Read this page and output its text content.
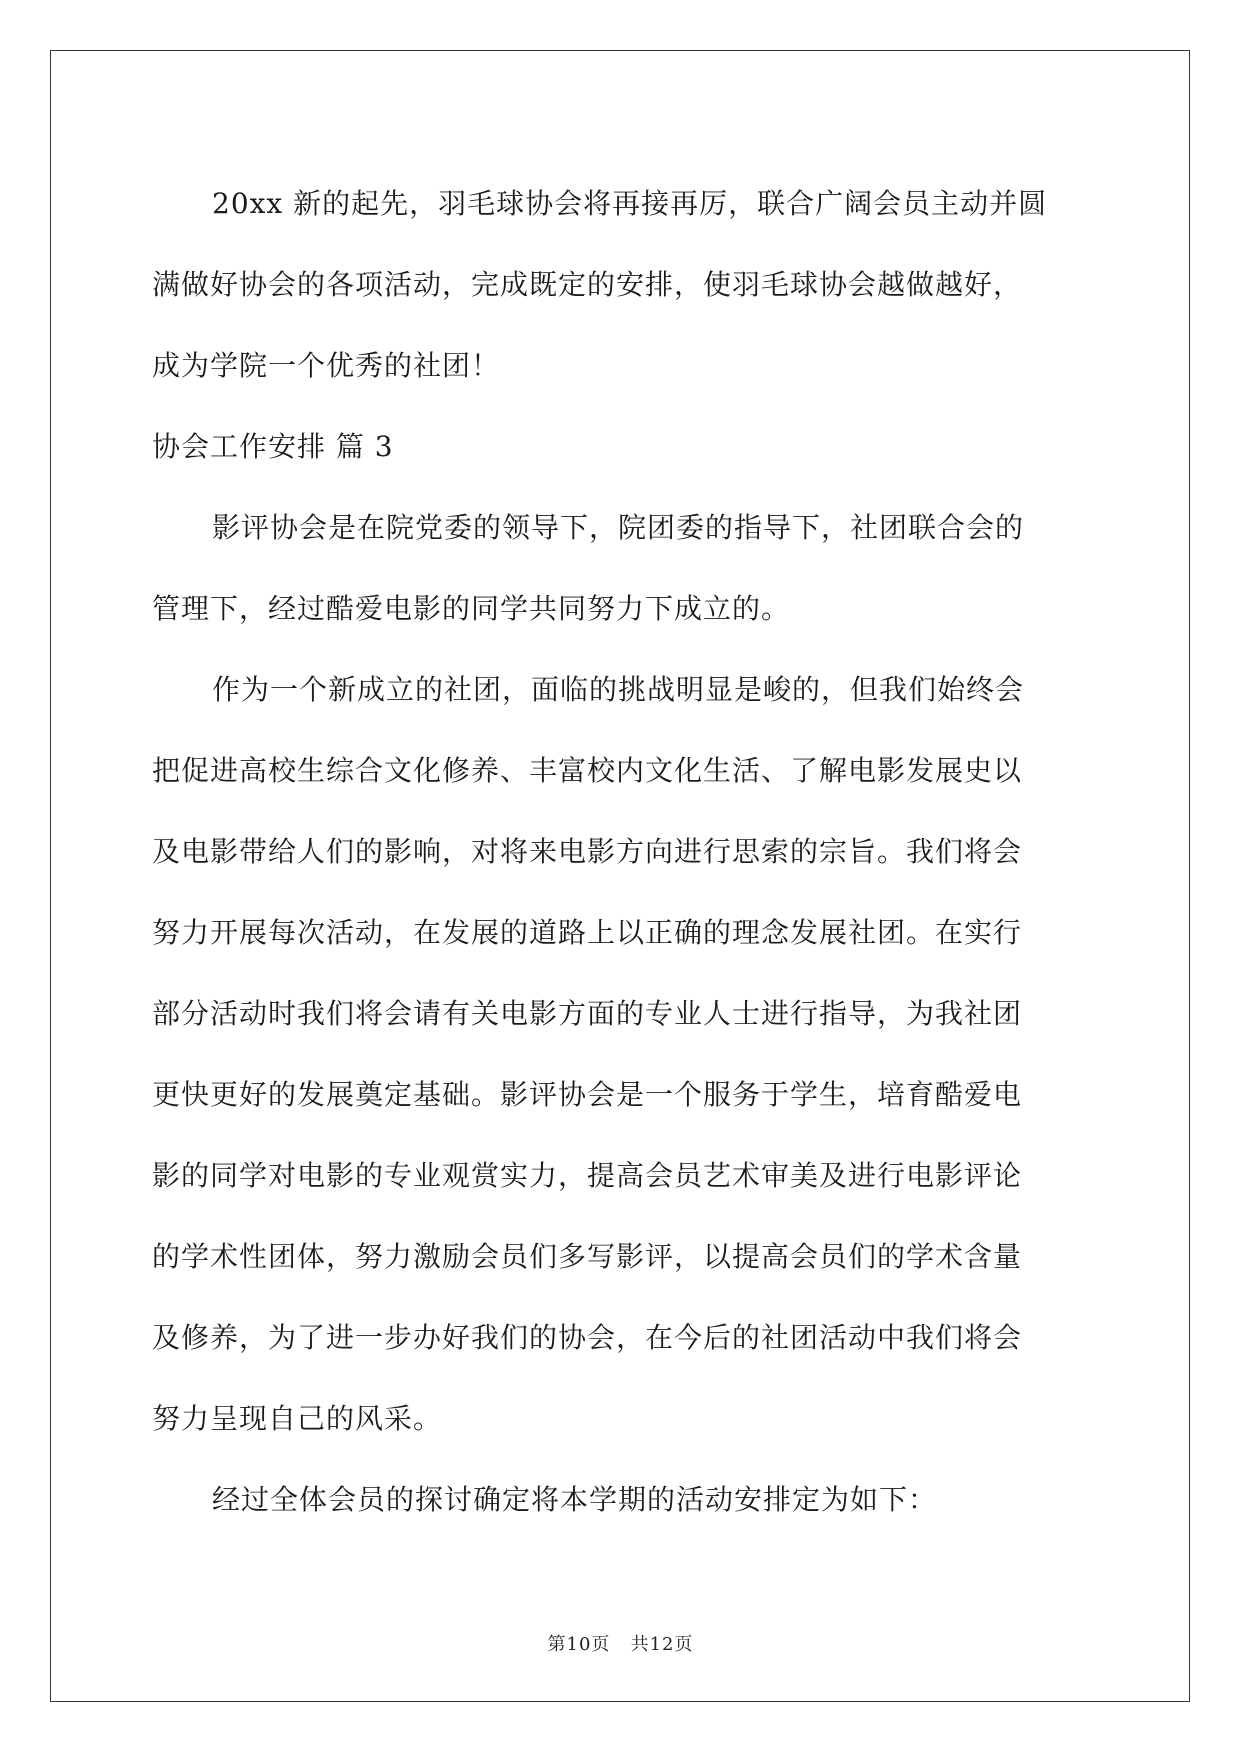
20xx 新的起先，羽毛球协会将再接再厉，联合广阔会员主动并圆
满做好协会的各项活动，完成既定的安排，使羽毛球协会越做越好，
成为学院一个优秀的社团！
协会工作安排 篇 3
影评协会是在院党委的领导下，院团委的指导下，社团联合会的
管理下，经过酷爱电影的同学共同努力下成立的。
作为一个新成立的社团，面临的挑战明显是峻的，但我们始终会
把促进高校生综合文化修养、丰富校内文化生活、了解电影发展史以
及电影带给人们的影响，对将来电影方向进行思索的宗旨。我们将会
努力开展每次活动，在发展的道路上以正确的理念发展社团。在实行
部分活动时我们将会请有关电影方面的专业人士进行指导，为我社团
更快更好的发展奠定基础。影评协会是一个服务于学生，培育酷爱电
影的同学对电影的专业观赏实力，提高会员艺术审美及进行电影评论
的学术性团体，努力激励会员们多写影评，以提高会员们的学术含量
及修养，为了进一步办好我们的协会，在今后的社团活动中我们将会
努力呈现自己的风采。
经过全体会员的探讨确定将本学期的活动安排定为如下：
第10页   共12页
